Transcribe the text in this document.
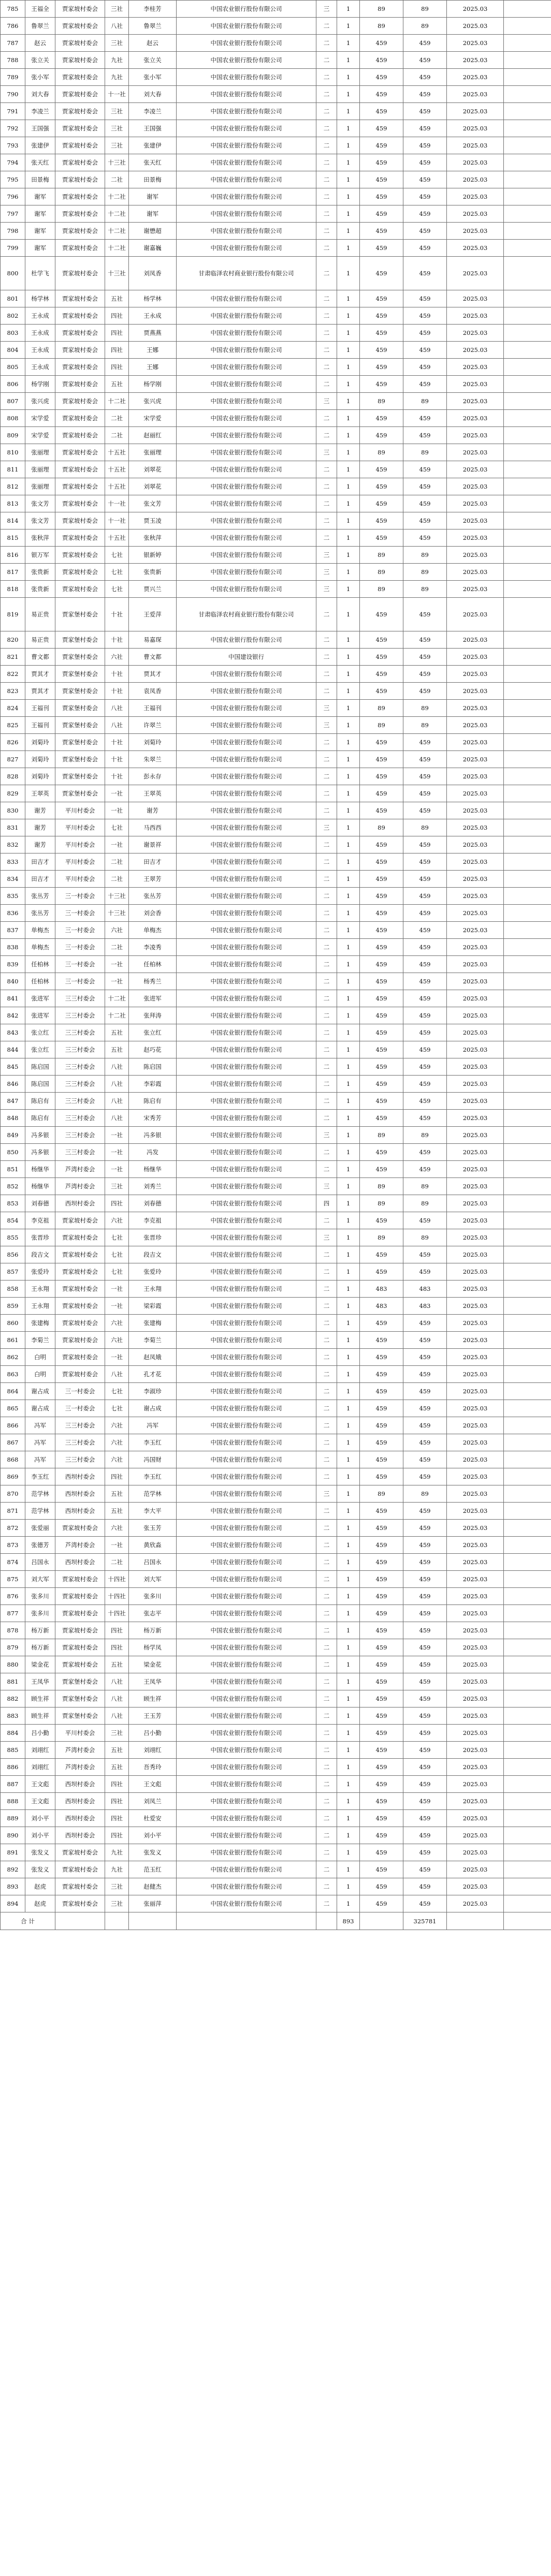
785	王福全	贾家坡村委会	三社	李桂芳	中国农业银行股份有限公司	三	1	89	89	2025.03	
786	鲁翠兰	贾家坡村委会	八社	鲁翠兰	中国农业银行股份有限公司	二	1	89	89	2025.03	
787	赵云	贾家坡村委会	三社	赵云	中国农业银行股份有限公司	二	1	459	459	2025.03	
788	张立关	贾家坡村委会	九社	张立关	中国农业银行股份有限公司	二	1	459	459	2025.03	
789	张小军	贾家坡村委会	九社	张小军	中国农业银行股份有限公司	二	1	459	459	2025.03	
790	刘大春	贾家坡村委会	十一社	刘大春	中国农业银行股份有限公司	二	1	459	459	2025.03	
791	李凌兰	贾家坡村委会	三社	李凌兰	中国农业银行股份有限公司	二	1	459	459	2025.03	
792	王国强	贾家坡村委会	三社	王国强	中国农业银行股份有限公司	二	1	459	459	2025.03	
793	张建伊	贾家坡村委会	三社	张建伊	中国农业银行股份有限公司	二	1	459	459	2025.03	
794	张天红	贾家坡村委会	十三社	张天红	中国农业银行股份有限公司	二	1	459	459	2025.03	
795	田景梅	贾家坡村委会	二社	田景梅	中国农业银行股份有限公司	二	1	459	459	2025.03	
796	谢军	贾家坡村委会	十二社	谢军	中国农业银行股份有限公司	二	1	459	459	2025.03	
797	谢军	贾家坡村委会	十二社	谢军	中国农业银行股份有限公司	二	1	459	459	2025.03	
798	谢军	贾家坡村委会	十二社	谢懋超	中国农业银行股份有限公司	二	1	459	459	2025.03	
799	谢军	贾家坡村委会	十二社	谢嘉巍	中国农业银行股份有限公司	二	1	459	459	2025.03	
800	杜学飞	贾家坡村委会	十三社	刘凤香	甘肃临泽农村商业银行股份有限公司	二	1	459	459	2025.03	
801	杨学林	贾家坡村委会	五社	杨学林	中国农业银行股份有限公司	二	1	459	459	2025.03	
802	王永成	贾家坡村委会	四社	王永成	中国农业银行股份有限公司	二	1	459	459	2025.03	
803	王永成	贾家坡村委会	四社	贾燕燕	中国农业银行股份有限公司	二	1	459	459	2025.03	
804	王永成	贾家坡村委会	四社	王娜	中国农业银行股份有限公司	二	1	459	459	2025.03	
805	王永成	贾家坡村委会	四社	王娜	中国农业银行股份有限公司	二	1	459	459	2025.03	
806	杨学刚	贾家坡村委会	五社	杨学刚	中国农业银行股份有限公司	二	1	459	459	2025.03	
807	张兴虎	贾家坡村委会	十二社	张兴虎	中国农业银行股份有限公司	三	1	89	89	2025.03	
808	宋学爱	贾家坡村委会	二社	宋学爱	中国农业银行股份有限公司	二	1	459	459	2025.03	
809	宋学爱	贾家坡村委会	二社	赵丽红	中国农业银行股份有限公司	二	1	459	459	2025.03	
810	张丽理	贾家坡村委会	十五社	张丽理	中国农业银行股份有限公司	三	1	89	89	2025.03	
811	张丽理	贾家坡村委会	十五社	刘翠花	中国农业银行股份有限公司	二	1	459	459	2025.03	
812	张丽理	贾家坡村委会	十五社	刘翠花	中国农业银行股份有限公司	二	1	459	459	2025.03	
813	张文芳	贾家坡村委会	十一社	张文芳	中国农业银行股份有限公司	二	1	459	459	2025.03	
814	张文芳	贾家坡村委会	十一社	贾玉凌	中国农业银行股份有限公司	二	1	459	459	2025.03	
815	张秋萍	贾家坡村委会	十五社	张秋萍	中国农业银行股份有限公司	二	1	459	459	2025.03	
816	银万军	贾家坡村委会	七社	银新婷	中国农业银行股份有限公司	三	1	89	89	2025.03	
817	张贵新	贾家坡村委会	七社	张贵新	中国农业银行股份有限公司	三	1	89	89	2025.03	
818	张贵新	贾家坡村委会	七社	贾兴兰	中国农业银行股份有限公司	三	1	89	89	2025.03	
819	易正贵	贾家堡村委会	十社	王爱萍	甘肃临泽农村商业银行股份有限公司	二	1	459	459	2025.03	
820	易正贵	贾家堡村委会	十社	易嘉琛	中国农业银行股份有限公司	二	1	459	459	2025.03	
821	曹文都	贾家堡村委会	六社	曹文都	中国建设银行	二	1	459	459	2025.03	
822	贾其才	贾家堡村委会	十社	贾其才	中国农业银行股份有限公司	二	1	459	459	2025.03	
823	贾其才	贾家堡村委会	十社	袁凤香	中国农业银行股份有限公司	二	1	459	459	2025.03	
824	王福刊	贾家堡村委会	八社	王福刊	中国农业银行股份有限公司	三	1	89	89	2025.03	
825	王福刊	贾家堡村委会	八社	许翠兰	中国农业银行股份有限公司	三	1	89	89	2025.03	
826	刘菊玲	贾家堡村委会	十社	刘菊玲	中国农业银行股份有限公司	二	1	459	459	2025.03	
827	刘菊玲	贾家堡村委会	十社	朱翠兰	中国农业银行股份有限公司	二	1	459	459	2025.03	
828	刘菊玲	贾家堡村委会	十社	彭永存	中国农业银行股份有限公司	二	1	459	459	2025.03	
829	王翠英	贾家堡村委会	一社	王翠英	中国农业银行股份有限公司	二	1	459	459	2025.03	
830	谢芳	平川村委会	一社	谢芳	中国农业银行股份有限公司	二	1	459	459	2025.03	
831	谢芳	平川村委会	七社	马西西	中国农业银行股份有限公司	三	1	89	89	2025.03	
832	谢芳	平川村委会	一社	谢景祥	中国农业银行股份有限公司	二	1	459	459	2025.03	
833	田吉才	平川村委会	二社	田吉才	中国农业银行股份有限公司	二	1	459	459	2025.03	
834	田吉才	平川村委会	二社	王翠芳	中国农业银行股份有限公司	二	1	459	459	2025.03	
835	张丛芳	三一村委会	十三社	张丛芳	中国农业银行股份有限公司	二	1	459	459	2025.03	
836	张丛芳	三一村委会	十三社	刘会香	中国农业银行股份有限公司	二	1	459	459	2025.03	
837	单梅杰	三一村委会	六社	单梅杰	中国农业银行股份有限公司	二	1	459	459	2025.03	
838	单梅杰	三一村委会	二社	李凌秀	中国农业银行股份有限公司	二	1	459	459	2025.03	
839	任柏林	三一村委会	一社	任柏林	中国农业银行股份有限公司	二	1	459	459	2025.03	
840	任柏林	三一村委会	一社	杨秀兰	中国农业银行股份有限公司	二	1	459	459	2025.03	
841	张进军	三三村委会	十二社	张进军	中国农业银行股份有限公司	二	1	459	459	2025.03	
842	张进军	三三村委会	十二社	张拜涛	中国农业银行股份有限公司	二	1	459	459	2025.03	
843	张立红	三三村委会	五社	张立红	中国农业银行股份有限公司	二	1	459	459	2025.03	
844	张立红	三三村委会	五社	赵巧花	中国农业银行股份有限公司	二	1	459	459	2025.03	
845	陈启国	三三村委会	八社	陈启国	中国农业银行股份有限公司	二	1	459	459	2025.03	
846	陈启国	三三村委会	八社	李彩霞	中国农业银行股份有限公司	二	1	459	459	2025.03	
847	陈启有	三三村委会	八社	陈启有	中国农业银行股份有限公司	二	1	459	459	2025.03	
848	陈启有	三三村委会	八社	宋秀芳	中国农业银行股份有限公司	二	1	459	459	2025.03	
849	冯多银	三三村委会	一社	冯多银	中国农业银行股份有限公司	三	1	89	89	2025.03	
850	冯多银	三三村委会	一社	冯发	中国农业银行股份有限公司	二	1	459	459	2025.03	
851	杨继华	芦湾村委会	一社	杨继华	中国农业银行股份有限公司	二	1	459	459	2025.03	
852	杨继华	芦湾村委会	三社	刘秀兰	中国农业银行股份有限公司	三	1	89	89	2025.03	
853	刘春德	西坝村委会	四社	刘春德	中国农业银行股份有限公司	四	1	89	89	2025.03	
854	李克祖	贾家坡村委会	六社	李克祖	中国农业银行股份有限公司	二	1	459	459	2025.03	
855	张晋珍	贾家坡村委会	七社	张晋珍	中国农业银行股份有限公司	三	1	89	89	2025.03	
856	段吉文	贾家坡村委会	七社	段吉文	中国农业银行股份有限公司	二	1	459	459	2025.03	
857	张爱玲	贾家坡村委会	七社	张爱玲	中国农业银行股份有限公司	二	1	459	459	2025.03	
858	王永翔	贾家坡村委会	一社	王永翔	中国农业银行股份有限公司	二	1	483	483	2025.03	
859	王永翔	贾家坡村委会	一社	梁彩霞	中国农业银行股份有限公司	二	1	483	483	2025.03	
860	张建梅	贾家坡村委会	六社	张建梅	中国农业银行股份有限公司	二	1	459	459	2025.03	
861	李菊兰	贾家坡村委会	六社	李菊兰	中国农业银行股份有限公司	二	1	459	459	2025.03	
862	白明	贾家坡村委会	一社	赵凤娥	中国农业银行股份有限公司	二	1	459	459	2025.03	
863	白明	贾家坡村委会	八社	孔才花	中国农业银行股份有限公司	二	1	459	459	2025.03	
864	谢占成	三一村委会	七社	李淑珍	中国农业银行股份有限公司	二	1	459	459	2025.03	
865	谢占成	三一村委会	七社	谢占成	中国农业银行股份有限公司	二	1	459	459	2025.03	
866	冯军	三三村委会	六社	冯军	中国农业银行股份有限公司	二	1	459	459	2025.03	
867	冯军	三三村委会	六社	李玉红	中国农业银行股份有限公司	二	1	459	459	2025.03	
868	冯军	三三村委会	六社	冯国财	中国农业银行股份有限公司	二	1	459	459	2025.03	
869	李玉红	西坝村委会	四社	李玉红	中国农业银行股份有限公司	二	1	459	459	2025.03	
870	范学林	西坝村委会	五社	范学林	中国农业银行股份有限公司	三	1	89	89	2025.03	
871	范学林	西坝村委会	五社	李大平	中国农业银行股份有限公司	二	1	459	459	2025.03	
872	张爱丽	贾家坡村委会	六社	张玉芳	中国农业银行股份有限公司	二	1	459	459	2025.03	
873	张德芳	芦湾村委会	一社	黄欣淼	中国农业银行股份有限公司	二	1	459	459	2025.03	
874	吕国永	西坝村委会	二社	吕国永	中国农业银行股份有限公司	二	1	459	459	2025.03	
875	刘大军	贾家坡村委会	十四社	刘大军	中国农业银行股份有限公司	二	1	459	459	2025.03	
876	张多川	贾家坡村委会	十四社	张多川	中国农业银行股份有限公司	二	1	459	459	2025.03	
877	张多川	贾家坡村委会	十四社	张志平	中国农业银行股份有限公司	二	1	459	459	2025.03	
878	杨万新	贾家坡村委会	四社	杨万新	中国农业银行股份有限公司	二	1	459	459	2025.03	
879	杨万新	贾家坡村委会	四社	杨学凤	中国农业银行股份有限公司	二	1	459	459	2025.03	
880	梁金花	贾家坡村委会	五社	梁金花	中国农业银行股份有限公司	二	1	459	459	2025.03	
881	王凤华	贾家堡村委会	八社	王凤华	中国农业银行股份有限公司	二	1	459	459	2025.03	
882	顾生祥	贾家堡村委会	八社	顾生祥	中国农业银行股份有限公司	二	1	459	459	2025.03	
883	顾生祥	贾家堡村委会	八社	王玉芳	中国农业银行股份有限公司	二	1	459	459	2025.03	
884	吕小勤	平川村委会	三社	吕小勤	中国农业银行股份有限公司	二	1	459	459	2025.03	
885	刘翊红	芦湾村委会	五社	刘翊红	中国农业银行股份有限公司	二	1	459	459	2025.03	
886	刘翊红	芦湾村委会	五社	吾秀玲	中国农业银行股份有限公司	二	1	459	459	2025.03	
887	王文彪	西坝村委会	四社	王文彪	中国农业银行股份有限公司	二	1	459	459	2025.03	
888	王文彪	西坝村委会	四社	刘凤兰	中国农业银行股份有限公司	二	1	459	459	2025.03	
889	刘小平	西坝村委会	四社	杜爱安	中国农业银行股份有限公司	二	1	459	459	2025.03	
890	刘小平	西坝村委会	四社	刘小平	中国农业银行股份有限公司	二	1	459	459	2025.03	
891	张发义	贾家坡村委会	九社	张发义	中国农业银行股份有限公司	二	1	459	459	2025.03	
892	张发义	贾家坡村委会	九社	范玉红	中国农业银行股份有限公司	二	1	459	459	2025.03	
893	赵虎	贾家坡村委会	三社	赵健杰	中国农业银行股份有限公司	二	1	459	459	2025.03	
894	赵虎	贾家坡村委会	三社	张丽萍	中国农业银行股份有限公司	二	1	459	459	2025.03	
合 计							893		325781		
